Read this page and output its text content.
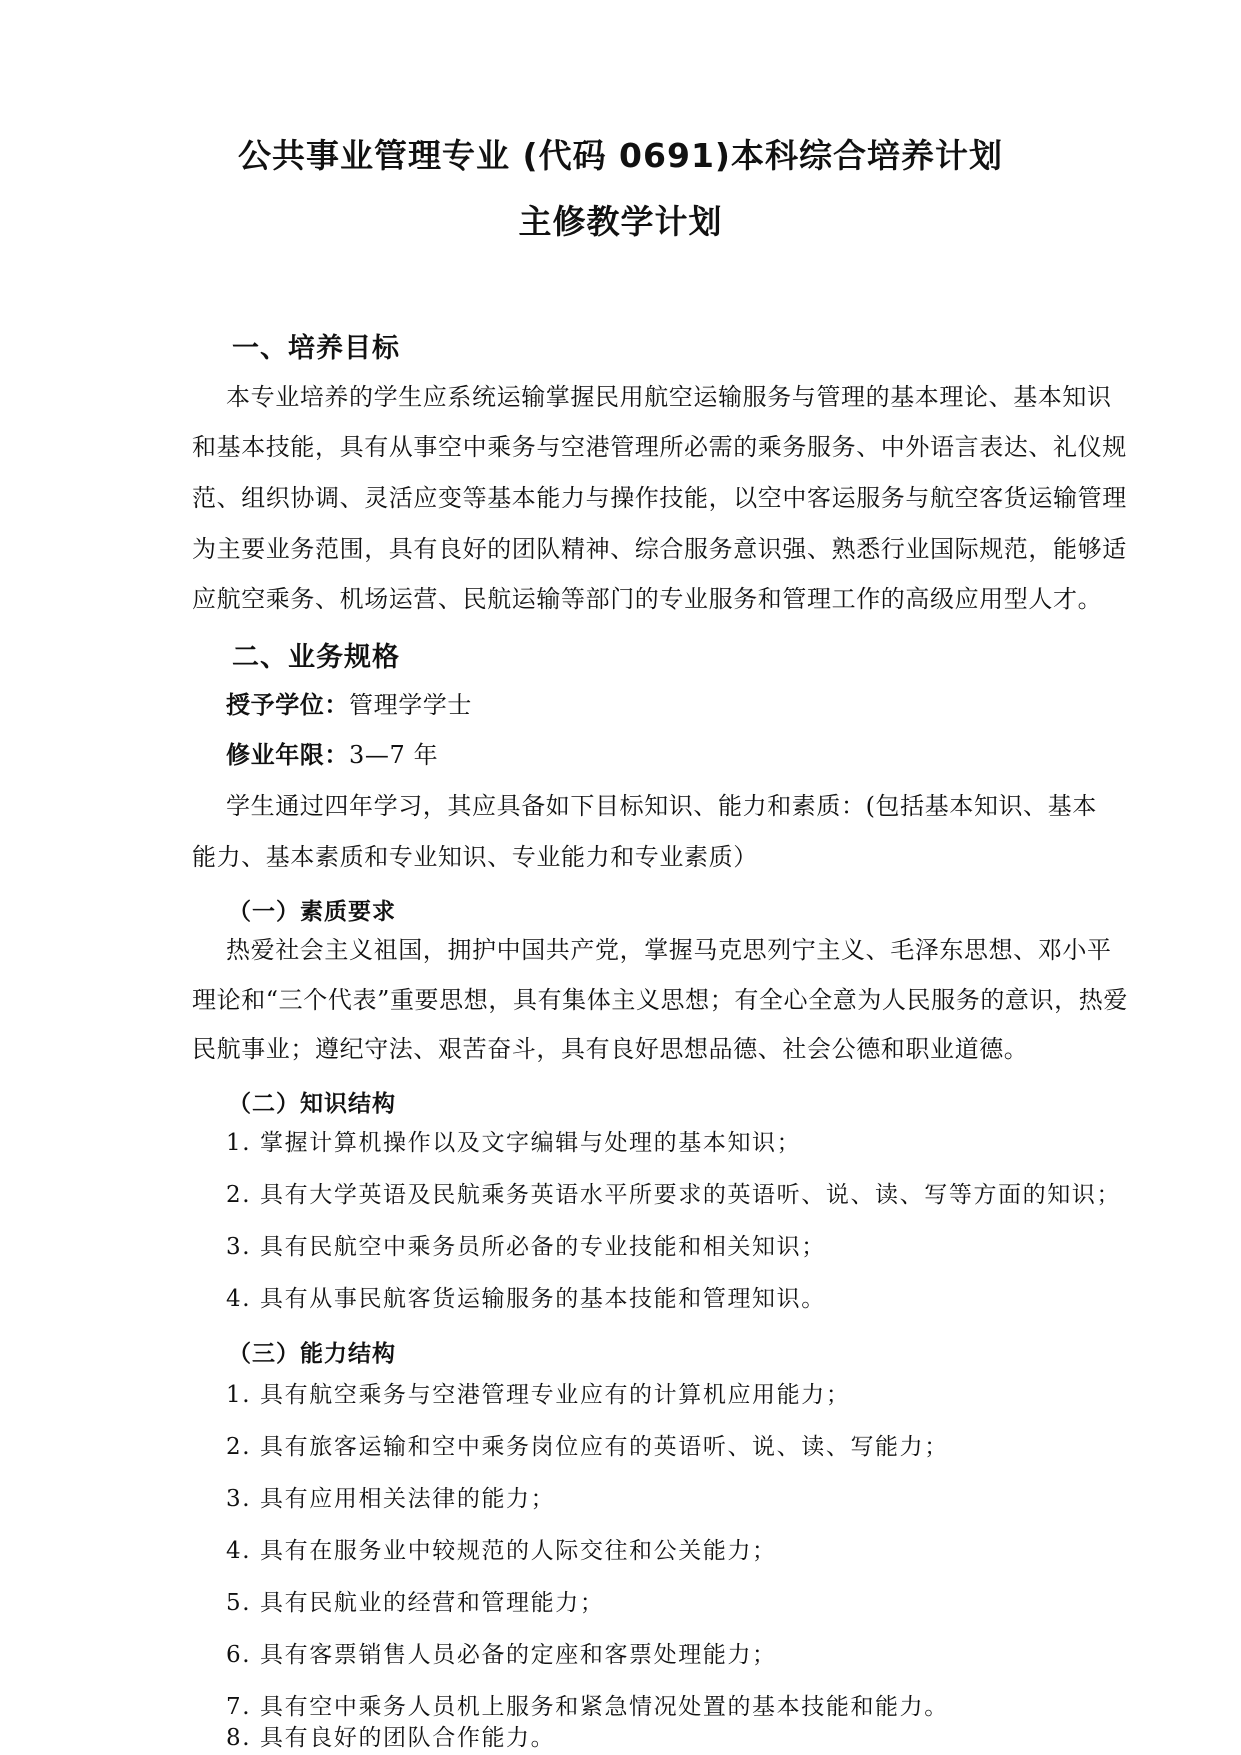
公共事业管理专业 (代码 0691)本科综合培养计划
主修教学计划
一、培养目标
本专业培养的学生应系统运输掌握民用航空运输服务与管理的基本理论、基本知识
和基本技能，具有从事空中乘务与空港管理所必需的乘务服务、中外语言表达、礼仪规
范、组织协调、灵活应变等基本能力与操作技能，以空中客运服务与航空客货运输管理
为主要业务范围，具有良好的团队精神、综合服务意识强、熟悉行业国际规范，能够适
应航空乘务、机场运营、民航运输等部门的专业服务和管理工作的高级应用型人才。
二、业务规格
授予学位：管理学学士
修业年限：3—7 年
学生通过四年学习，其应具备如下目标知识、能力和素质：(包括基本知识、基本
能力、基本素质和专业知识、专业能力和专业素质）
（一）素质要求
热爱社会主义祖国，拥护中国共产党，掌握马克思列宁主义、毛泽东思想、邓小平
理论和“三个代表”重要思想，具有集体主义思想；有全心全意为人民服务的意识，热爱
民航事业；遵纪守法、艰苦奋斗，具有良好思想品德、社会公德和职业道德。
（二）知识结构
1. 掌握计算机操作以及文字编辑与处理的基本知识；
2. 具有大学英语及民航乘务英语水平所要求的英语听、说、读、写等方面的知识；
3. 具有民航空中乘务员所必备的专业技能和相关知识；
4. 具有从事民航客货运输服务的基本技能和管理知识。
（三）能力结构
1. 具有航空乘务与空港管理专业应有的计算机应用能力；
2. 具有旅客运输和空中乘务岗位应有的英语听、说、读、写能力；
3. 具有应用相关法律的能力；
4. 具有在服务业中较规范的人际交往和公关能力；
5. 具有民航业的经营和管理能力；
6. 具有客票销售人员必备的定座和客票处理能力；
7. 具有空中乘务人员机上服务和紧急情况处置的基本技能和能力。
8. 具有良好的团队合作能力。
